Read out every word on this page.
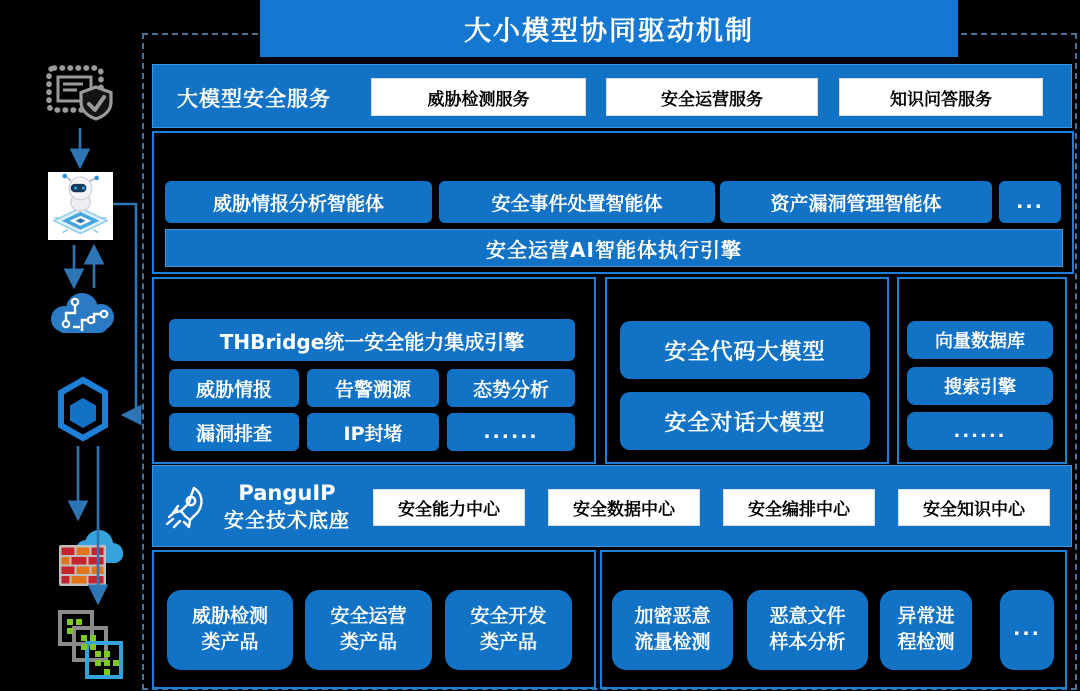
大小模型协同驱动机制
大模型安全服务	威胁检测服务	安全运营服务	知识问答服务
威胁情报分析智能体	安全事件处置智能体	资产漏洞管理智能体	...
安全运营AI智能体执行引擎
THBridge统一安全能力集成引擎
威胁情报	告警溯源	态势分析
漏洞排查	IP封堵	......
安全代码大模型
安全对话大模型
向量数据库
搜索引擎
......
PanguIP
安全技术底座	安全能力中心	安全数据中心	安全编排中心	安全知识中心
威胁检测
类产品
安全运营
类产品
安全开发
类产品
加密恶意
流量检测
恶意文件
样本分析
异常进
程检测
...
